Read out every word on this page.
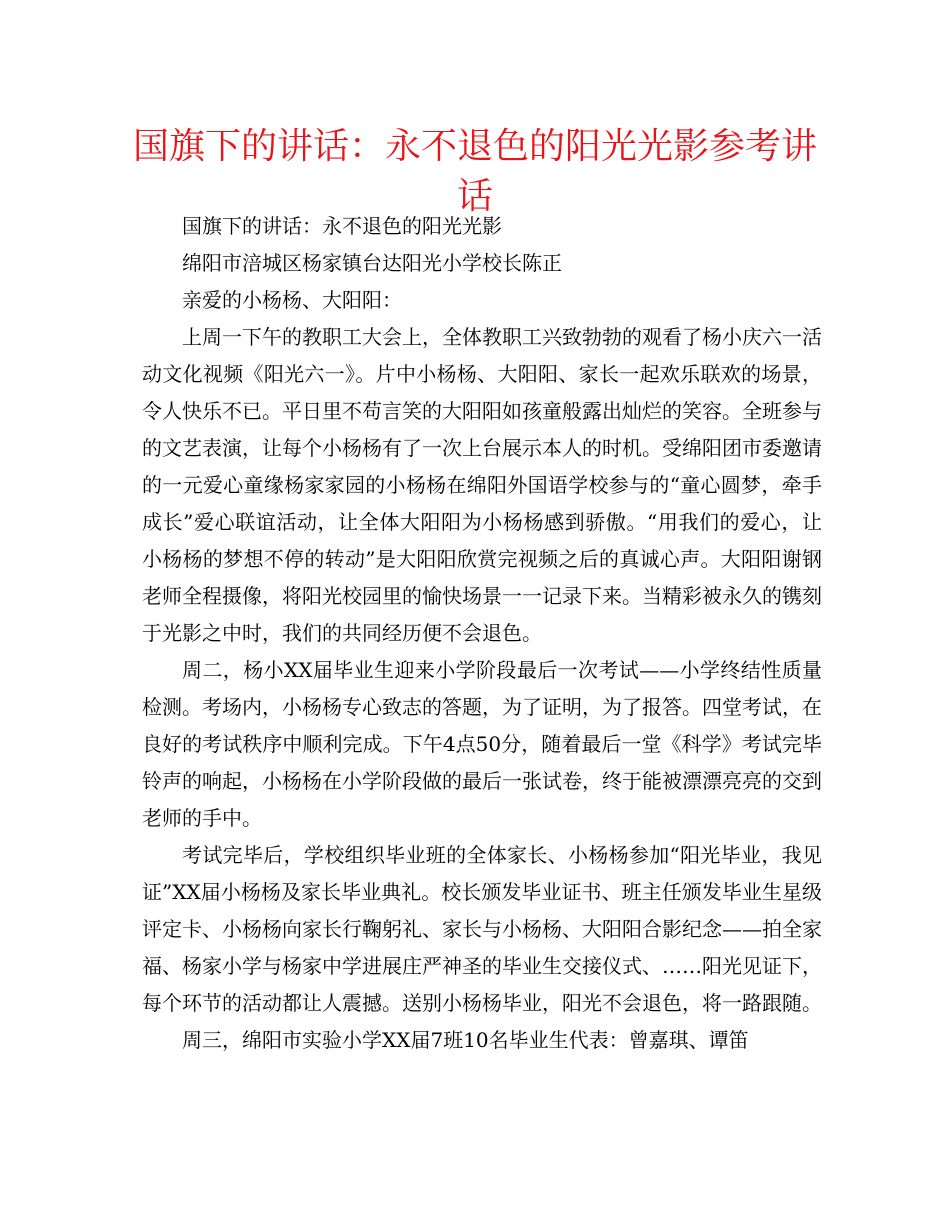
国旗下的讲话：永不退色的阳光光影参考讲话

国旗下的讲话：永不退色的阳光光影

绵阳市涪城区杨家镇台达阳光小学校长陈正

亲爱的小杨杨、大阳阳：

上周一下午的教职工大会上，全体教职工兴致勃勃的观看了杨小庆六一活动文化视频《阳光六一》。片中小杨杨、大阳阳、家长一起欢乐联欢的场景，令人快乐不已。平日里不苟言笑的大阳阳如孩童般露出灿烂的笑容。全班参与的文艺表演，让每个小杨杨有了一次上台展示本人的时机。受绵阳团市委邀请的一元爱心童缘杨家家园的小杨杨在绵阳外国语学校参与的“童心圆梦，牵手成长”爱心联谊活动，让全体大阳阳为小杨杨感到骄傲。“用我们的爱心，让小杨杨的梦想不停的转动”是大阳阳欣赏完视频之后的真诚心声。大阳阳谢钢老师全程摄像，将阳光校园里的愉快场景一一记录下来。当精彩被永久的镌刻于光影之中时，我们的共同经历便不会退色。

周二，杨小XX届毕业生迎来小学阶段最后一次考试——小学终结性质量检测。考场内，小杨杨专心致志的答题，为了证明，为了报答。四堂考试，在良好的考试秩序中顺利完成。下午4点50分，随着最后一堂《科学》考试完毕铃声的响起，小杨杨在小学阶段做的最后一张试卷，终于能被漂漂亮亮的交到老师的手中。

考试完毕后，学校组织毕业班的全体家长、小杨杨参加“阳光毕业，我见证”XX届小杨杨及家长毕业典礼。校长颁发毕业证书、班主任颁发毕业生星级评定卡、小杨杨向家长行鞠躬礼、家长与小杨杨、大阳阳合影纪念——拍全家福、杨家小学与杨家中学进展庄严神圣的毕业生交接仪式、……阳光见证下，每个环节的活动都让人震撼。送别小杨杨毕业，阳光不会退色，将一路跟随。

周三，绵阳市实验小学XX届7班10名毕业生代表：曾嘉琪、谭笛
